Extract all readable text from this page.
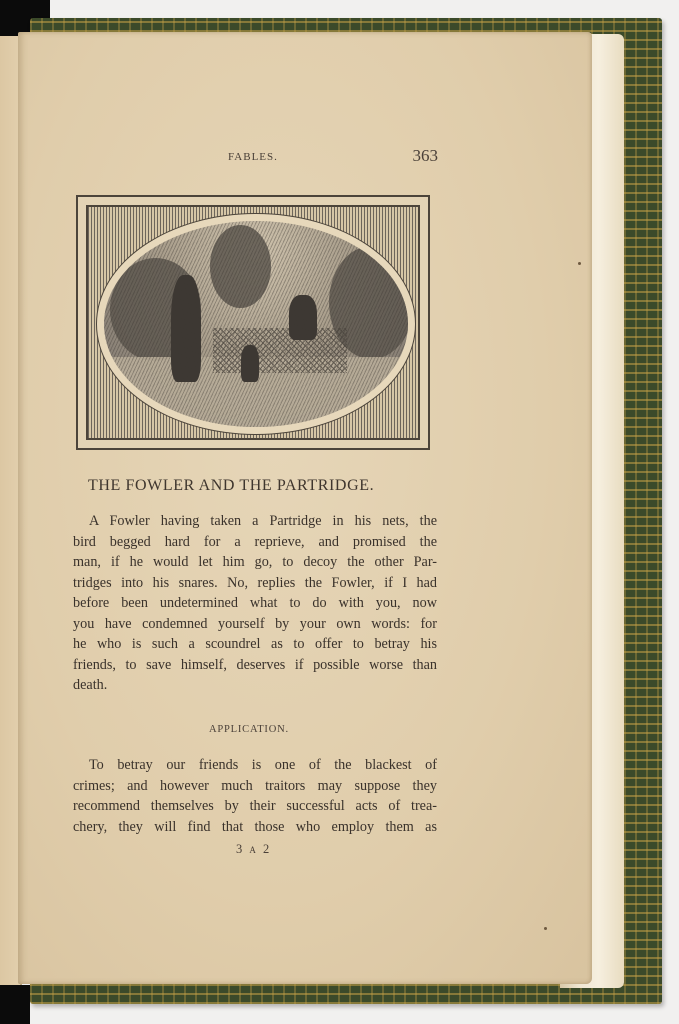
FABLES.	363
THE FOWLER AND THE PARTRIDGE.
A Fowler having taken a Partridge in his nets, the
bird begged hard for a reprieve, and promised the
man, if he would let him go, to decoy the other Par-
tridges into his snares. No, replies the Fowler, if I had
before been undetermined what to do with you, now
you have condemned yourself by your own words: for
he who is such a scoundrel as to offer to betray his
friends, to save himself, deserves if possible worse than
death.
APPLICATION.
To betray our friends is one of the blackest of
crimes; and however much traitors may suppose they
recommend themselves by their successful acts of trea-
chery, they will find that those who employ them as
3 A 2
